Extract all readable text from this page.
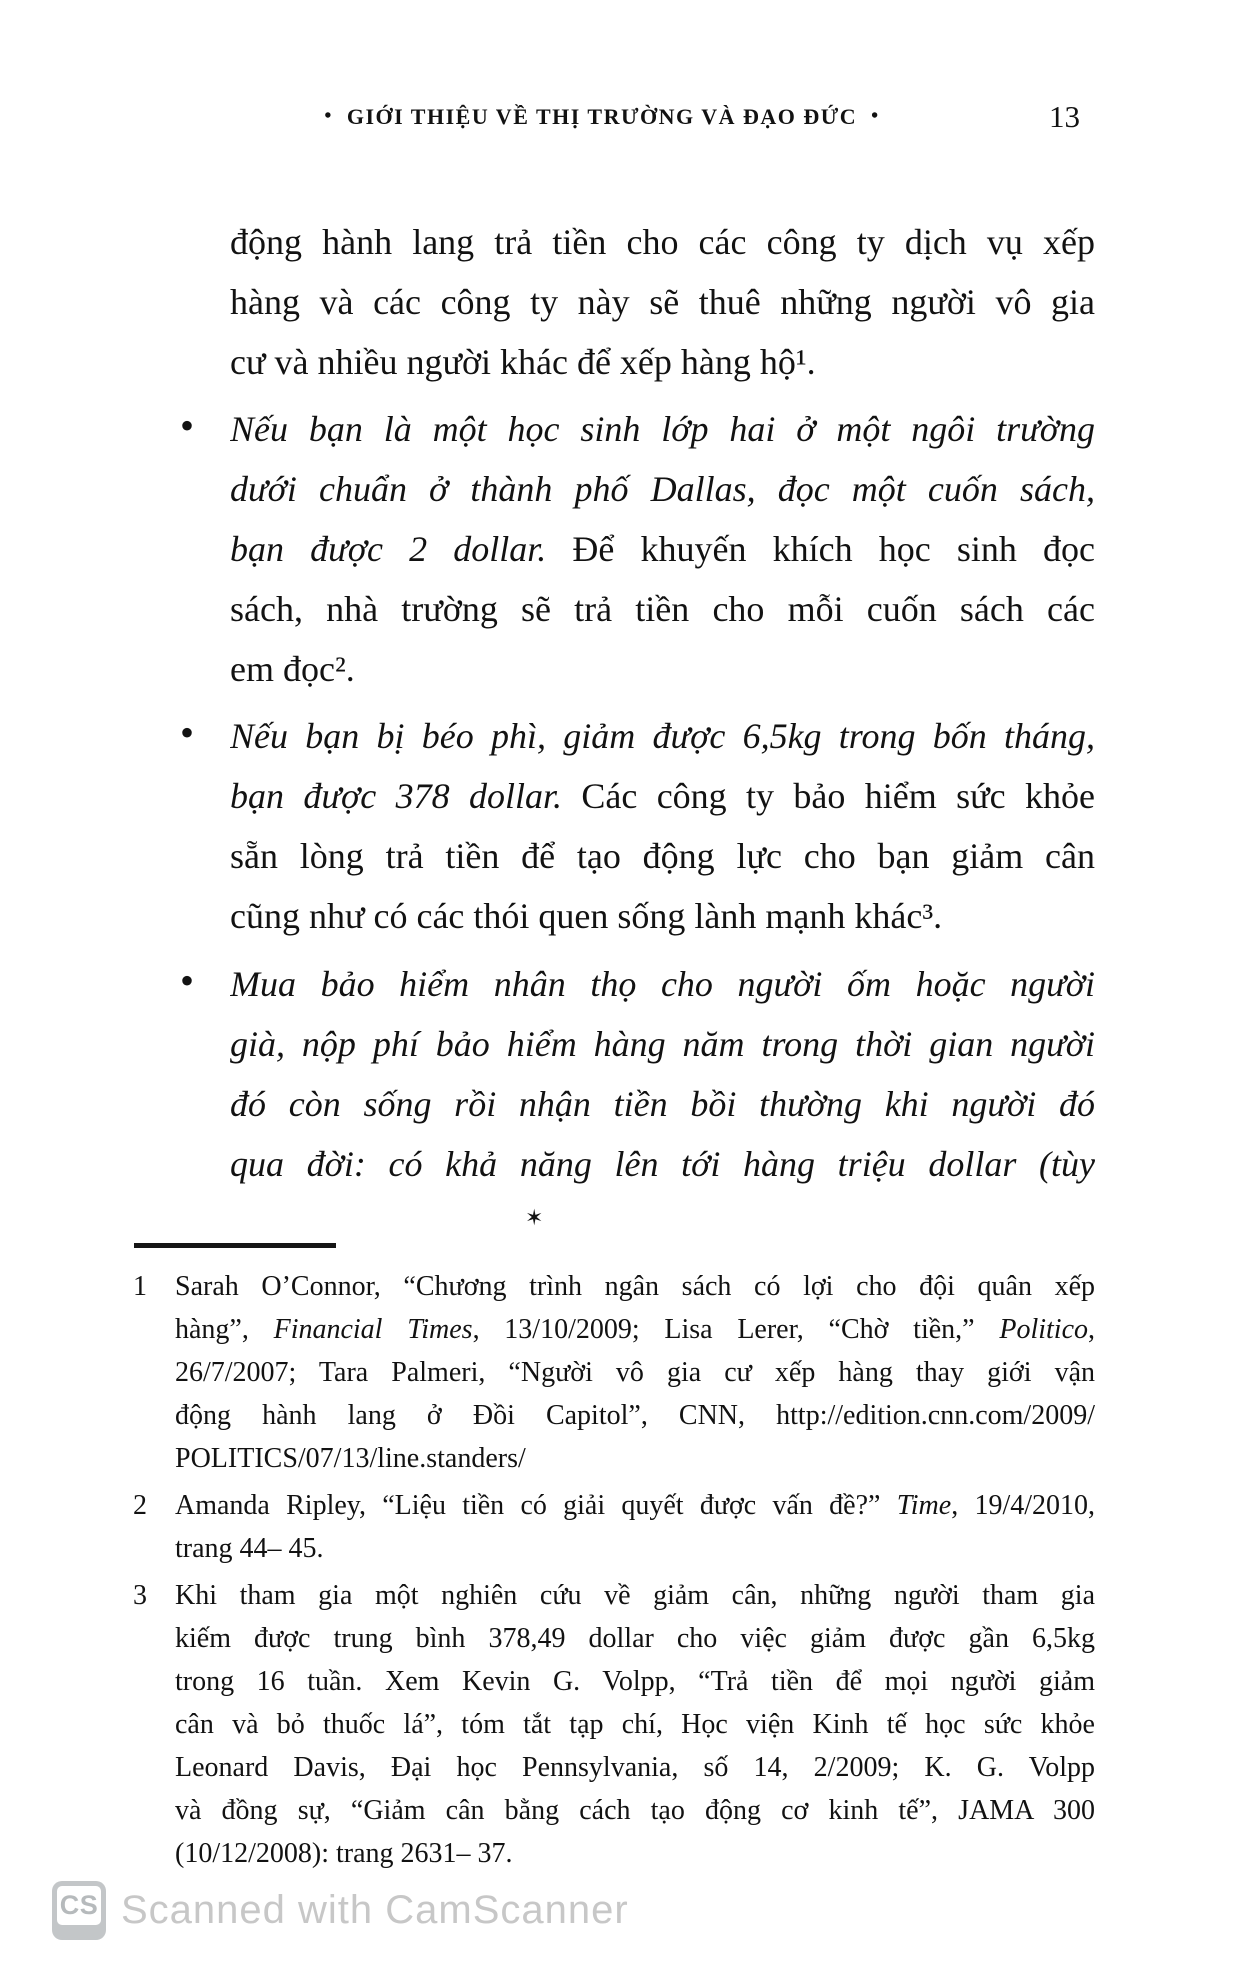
• GIỚI THIỆU VỀ THỊ TRƯỜNG VÀ ĐẠO ĐỨC •	13
động hành lang trả tiền cho các công ty dịch vụ xếp
hàng và các công ty này sẽ thuê những người vô gia
cư và nhiều người khác để xếp hàng hộ¹.
• Nếu bạn là một học sinh lớp hai ở một ngôi trường
dưới chuẩn ở thành phố Dallas, đọc một cuốn sách,
bạn được 2 dollar. Để khuyến khích học sinh đọc
sách, nhà trường sẽ trả tiền cho mỗi cuốn sách các
em đọc².
• Nếu bạn bị béo phì, giảm được 6,5kg trong bốn tháng,
bạn được 378 dollar. Các công ty bảo hiểm sức khỏe
sẵn lòng trả tiền để tạo động lực cho bạn giảm cân
cũng như có các thói quen sống lành mạnh khác³.
• Mua bảo hiểm nhân thọ cho người ốm hoặc người
già, nộp phí bảo hiểm hàng năm trong thời gian người
đó còn sống rồi nhận tiền bồi thường khi người đó
qua đời: có khả năng lên tới hàng triệu dollar (tùy
✶
1	Sarah O’Connor, “Chương trình ngân sách có lợi cho đội quân xếp
hàng”, Financial Times, 13/10/2009; Lisa Lerer, “Chờ tiền,” Politico,
26/7/2007; Tara Palmeri, “Người vô gia cư xếp hàng thay giới vận
động hành lang ở Đồi Capitol”, CNN, http://edition.cnn.com/2009/
POLITICS/07/13/line.standers/
2	Amanda Ripley, “Liệu tiền có giải quyết được vấn đề?” Time, 19/4/2010,
trang 44– 45.
3	Khi tham gia một nghiên cứu về giảm cân, những người tham gia
kiếm được trung bình 378,49 dollar cho việc giảm được gần 6,5kg
trong 16 tuần. Xem Kevin G. Volpp, “Trả tiền để mọi người giảm
cân và bỏ thuốc lá”, tóm tắt tạp chí, Học viện Kinh tế học sức khỏe
Leonard Davis, Đại học Pennsylvania, số 14, 2/2009; K. G. Volpp
và đồng sự, “Giảm cân bằng cách tạo động cơ kinh tế”, JAMA 300
(10/12/2008): trang 2631– 37.
CS Scanned with CamScanner
